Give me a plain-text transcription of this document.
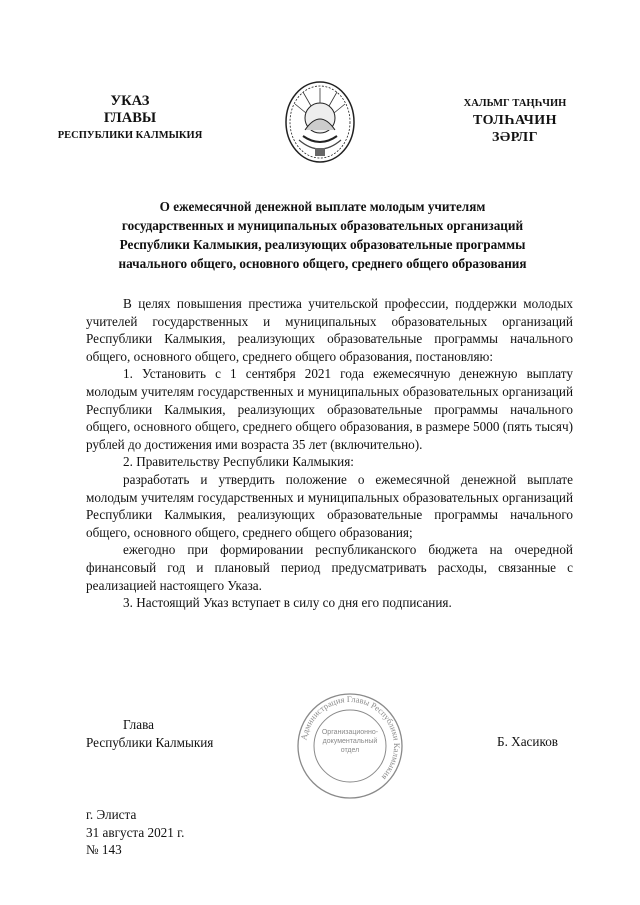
УКАЗ
ГЛАВЫ
РЕСПУБЛИКИ КАЛМЫКИЯ
ХАЛЬМГ ТАҢҺЧИН
ТОЛҺАЧИН
ЗӘРЛГ
О ежемесячной денежной выплате молодым учителям
государственных и муниципальных образовательных организаций
Республики Калмыкия, реализующих образовательные программы
начального общего, основного общего, среднего общего образования

В целях повышения престижа учительской профессии, поддержки молодых учителей государственных и муниципальных образовательных организаций Республики Калмыкия, реализующих образовательные программы начального общего, основного общего, среднего общего образования, постановляю:

1. Установить с 1 сентября 2021 года ежемесячную денежную выплату молодым учителям государственных и муниципальных образовательных организаций Республики Калмыкия, реализующих образовательные программы начального общего, основного общего, среднего общего образования, в размере 5000 (пять тысяч) рублей до достижения ими возраста 35 лет (включительно).

2. Правительству Республики Калмыкия:

разработать и утвердить положение о ежемесячной денежной выплате молодым учителям государственных и муниципальных образовательных организаций Республики Калмыкия, реализующих образовательные программы начального общего, основного общего, среднего общего образования;

ежегодно при формировании республиканского бюджета на очередной финансовый год и плановый период предусматривать расходы, связанные с реализацией настоящего Указа.

3. Настоящий Указ вступает в силу со дня его подписания.

Глава
Республики Калмыкия	Администрация Главы Республики Калмыкия
Организационно-документальный отдел
Б. Хасиков
г. Элиста
31 августа 2021 г.
№ 143
